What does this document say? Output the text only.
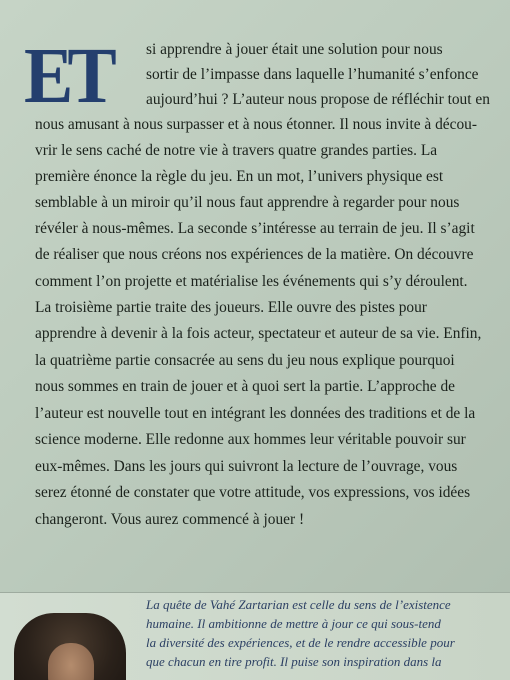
ET si apprendre à jouer était une solution pour nous
sortir de l’impasse dans laquelle l’humanité s’enfonce
aujourd’hui ? L’auteur nous propose de réfléchir tout en
nous amusant à nous surpasser et à nous étonner. Il nous invite à décou-
vrir le sens caché de notre vie à travers quatre grandes parties. La
première énonce la règle du jeu. En un mot, l’univers physique est
semblable à un miroir qu’il nous faut apprendre à regarder pour nous
révéler à nous-mêmes. La seconde s’intéresse au terrain de jeu. Il s’agit
de réaliser que nous créons nos expériences de la matière. On découvre
comment l’on projette et matérialise les événements qui s’y déroulent.
La troisième partie traite des joueurs. Elle ouvre des pistes pour
apprendre à devenir à la fois acteur, spectateur et auteur de sa vie. Enfin,
la quatrième partie consacrée au sens du jeu nous explique pourquoi
nous sommes en train de jouer et à quoi sert la partie. L’approche de
l’auteur est nouvelle tout en intégrant les données des traditions et de la
science moderne. Elle redonne aux hommes leur véritable pouvoir sur
eux-mêmes. Dans les jours qui suivront la lecture de l’ouvrage, vous
serez étonné de constater que votre attitude, vos expressions, vos idées
changeront. Vous aurez commencé à jouer !
La quête de Vahé Zartarian est celle du sens de l’existence
humaine. Il ambitionne de mettre à jour ce qui sous-tend
la diversité des expériences, et de le rendre accessible pour
que chacun en tire profit. Il puise son inspiration dans la
